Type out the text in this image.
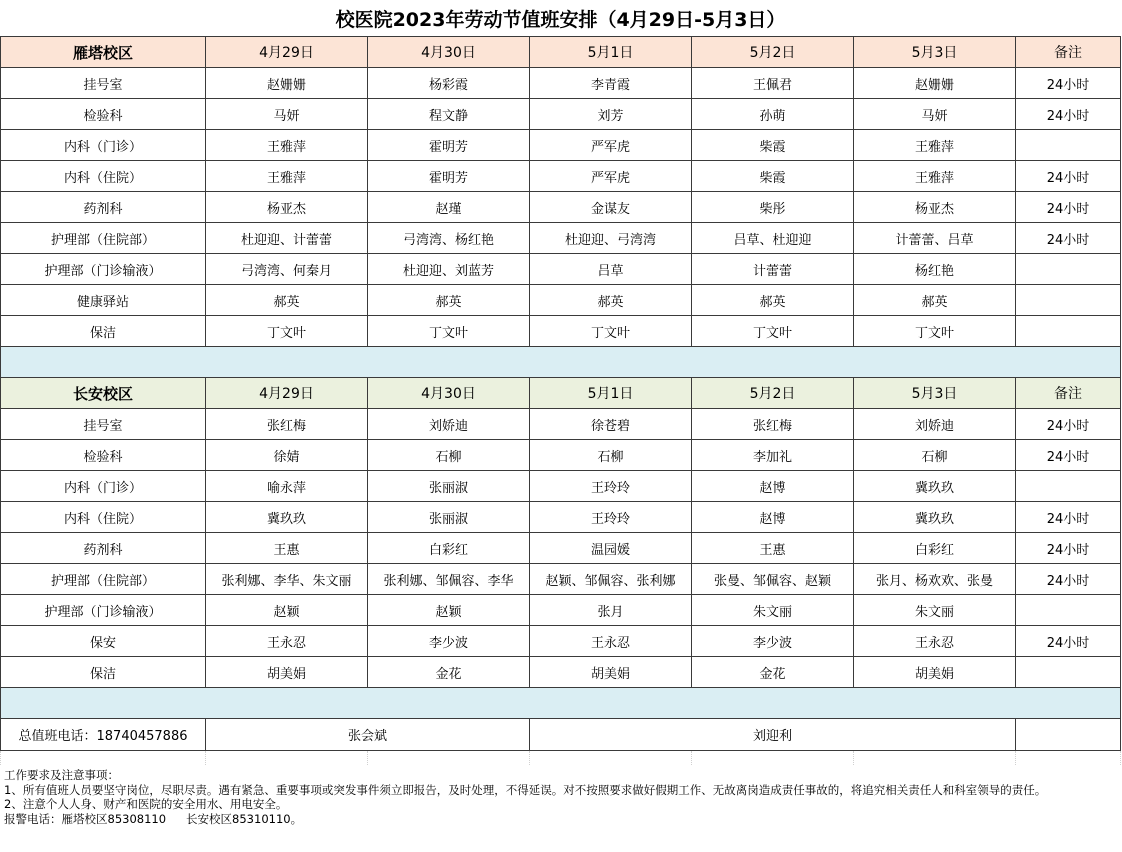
校医院2023年劳动节值班安排（4月29日-5月3日）						
雁塔校区	4月29日	4月30日	5月1日	5月2日	5月3日	备注
挂号室	赵姗姗	杨彩霞	李青霞	王佩君	赵姗姗	24小时
检验科	马妍	程文静	刘芳	孙萌	马妍	24小时
内科（门诊）	王雅萍	霍明芳	严军虎	柴霞	王雅萍	
内科（住院）	王雅萍	霍明芳	严军虎	柴霞	王雅萍	24小时
药剂科	杨亚杰	赵瑾	金谋友	柴彤	杨亚杰	24小时
护理部（住院部）	杜迎迎、计蕾蕾	弓湾湾、杨红艳	杜迎迎、弓湾湾	吕草、杜迎迎	计蕾蕾、吕草	24小时
护理部（门诊输液）	弓湾湾、何秦月	杜迎迎、刘蓝芳	吕草	计蕾蕾	杨红艳	
健康驿站	郝英	郝英	郝英	郝英	郝英	
保洁	丁文叶	丁文叶	丁文叶	丁文叶	丁文叶	

长安校区	4月29日	4月30日	5月1日	5月2日	5月3日	备注
挂号室	张红梅	刘娇迪	徐苍碧	张红梅	刘娇迪	24小时
检验科	徐婧	石柳	石柳	李加礼	石柳	24小时
内科（门诊）	喻永萍	张丽淑	王玲玲	赵博	冀玖玖	
内科（住院）	冀玖玖	张丽淑	王玲玲	赵博	冀玖玖	24小时
药剂科	王惠	白彩红	温园媛	王惠	白彩红	24小时
护理部（住院部）	张利娜、李华、朱文丽	张利娜、邹佩容、李华	赵颖、邹佩容、张利娜	张曼、邹佩容、赵颖	张月、杨欢欢、张曼	24小时
护理部（门诊输液）	赵颖	赵颖	张月	朱文丽	朱文丽	
保安	王永忍	李少波	王永忍	李少波	王永忍	24小时
保洁	胡美娟	金花	胡美娟	金花	胡美娟	

总值班电话：18740457886	张会斌		刘迎利			

工作要求及注意事项：
1、所有值班人员要坚守岗位，尽职尽责。遇有紧急、重要事项或突发事件须立即报告，及时处理，不得延误。对不按照要求做好假期工作、无故离岗造成责任事故的，将追究相关责任人和科室领导的责任。
2、注意个人人身、财产和医院的安全用水、用电安全。
报警电话：雁塔校区85308110 长安校区85310110。
